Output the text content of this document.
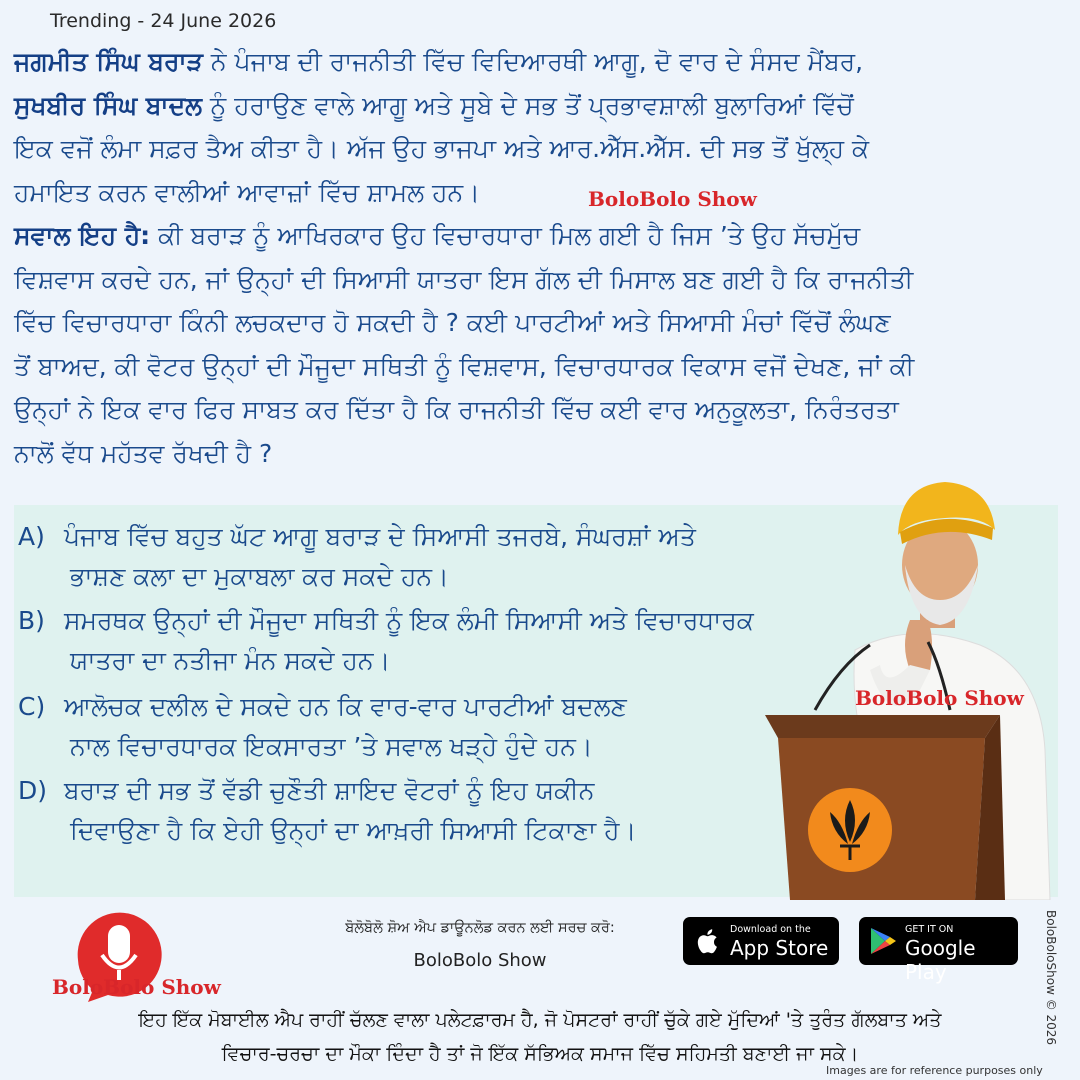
Trending - 24 June 2026
ਜਗਮੀਤ ਸਿੰਘ ਬਰਾੜ ਨੇ ਪੰਜਾਬ ਦੀ ਰਾਜਨੀਤੀ ਵਿੱਚ ਵਿਦਿਆਰਥੀ ਆਗੂ, ਦੋ ਵਾਰ ਦੇ ਸੰਸਦ ਮੈਂਬਰ,
ਸੁਖਬੀਰ ਸਿੰਘ ਬਾਦਲ ਨੂੰ ਹਰਾਉਣ ਵਾਲੇ ਆਗੂ ਅਤੇ ਸੂਬੇ ਦੇ ਸਭ ਤੋਂ ਪ੍ਰਭਾਵਸ਼ਾਲੀ ਬੁਲਾਰਿਆਂ ਵਿੱਚੋਂ
ਇਕ ਵਜੋਂ ਲੰਮਾ ਸਫ਼ਰ ਤੈਅ ਕੀਤਾ ਹੈ। ਅੱਜ ਉਹ ਭਾਜਪਾ ਅਤੇ ਆਰ.ਐੱਸ.ਐੱਸ. ਦੀ ਸਭ ਤੋਂ ਖੁੱਲ੍ਹ ਕੇ
ਹਮਾਇਤ ਕਰਨ ਵਾਲੀਆਂ ਆਵਾਜ਼ਾਂ ਵਿੱਚ ਸ਼ਾਮਲ ਹਨ।
ਸਵਾਲ ਇਹ ਹੈ: ਕੀ ਬਰਾੜ ਨੂੰ ਆਖਿਰਕਾਰ ਉਹ ਵਿਚਾਰਧਾਰਾ ਮਿਲ ਗਈ ਹੈ ਜਿਸ ’ਤੇ ਉਹ ਸੱਚਮੁੱਚ
ਵਿਸ਼ਵਾਸ ਕਰਦੇ ਹਨ, ਜਾਂ ਉਨ੍ਹਾਂ ਦੀ ਸਿਆਸੀ ਯਾਤਰਾ ਇਸ ਗੱਲ ਦੀ ਮਿਸਾਲ ਬਣ ਗਈ ਹੈ ਕਿ ਰਾਜਨੀਤੀ
ਵਿੱਚ ਵਿਚਾਰਧਾਰਾ ਕਿੰਨੀ ਲਚਕਦਾਰ ਹੋ ਸਕਦੀ ਹੈ ? ਕਈ ਪਾਰਟੀਆਂ ਅਤੇ ਸਿਆਸੀ ਮੰਚਾਂ ਵਿੱਚੋਂ ਲੰਘਣ
ਤੋਂ ਬਾਅਦ, ਕੀ ਵੋਟਰ ਉਨ੍ਹਾਂ ਦੀ ਮੌਜੂਦਾ ਸਥਿਤੀ ਨੂੰ ਵਿਸ਼ਵਾਸ, ਵਿਚਾਰਧਾਰਕ ਵਿਕਾਸ ਵਜੋਂ ਦੇਖਣ, ਜਾਂ ਕੀ
ਉਨ੍ਹਾਂ ਨੇ ਇਕ ਵਾਰ ਫਿਰ ਸਾਬਤ ਕਰ ਦਿੱਤਾ ਹੈ ਕਿ ਰਾਜਨੀਤੀ ਵਿੱਚ ਕਈ ਵਾਰ ਅਨੁਕੂਲਤਾ, ਨਿਰੰਤਰਤਾ
ਨਾਲੋਂ ਵੱਧ ਮਹੱਤਵ ਰੱਖਦੀ ਹੈ ?
BoloBolo Show
A) ਪੰਜਾਬ ਵਿੱਚ ਬਹੁਤ ਘੱਟ ਆਗੂ ਬਰਾੜ ਦੇ ਸਿਆਸੀ ਤਜਰਬੇ, ਸੰਘਰਸ਼ਾਂ ਅਤੇ
ਭਾਸ਼ਣ ਕਲਾ ਦਾ ਮੁਕਾਬਲਾ ਕਰ ਸਕਦੇ ਹਨ।
B) ਸਮਰਥਕ ਉਨ੍ਹਾਂ ਦੀ ਮੌਜੂਦਾ ਸਥਿਤੀ ਨੂੰ ਇਕ ਲੰਮੀ ਸਿਆਸੀ ਅਤੇ ਵਿਚਾਰਧਾਰਕ
ਯਾਤਰਾ ਦਾ ਨਤੀਜਾ ਮੰਨ ਸਕਦੇ ਹਨ।
C) ਆਲੋਚਕ ਦਲੀਲ ਦੇ ਸਕਦੇ ਹਨ ਕਿ ਵਾਰ-ਵਾਰ ਪਾਰਟੀਆਂ ਬਦਲਣ
ਨਾਲ ਵਿਚਾਰਧਾਰਕ ਇਕਸਾਰਤਾ ’ਤੇ ਸਵਾਲ ਖੜ੍ਹੇ ਹੁੰਦੇ ਹਨ।
D) ਬਰਾੜ ਦੀ ਸਭ ਤੋਂ ਵੱਡੀ ਚੁਣੌਤੀ ਸ਼ਾਇਦ ਵੋਟਰਾਂ ਨੂੰ ਇਹ ਯਕੀਨ
ਦਿਵਾਉਣਾ ਹੈ ਕਿ ਏਹੀ ਉਨ੍ਹਾਂ ਦਾ ਆਖ਼ਰੀ ਸਿਆਸੀ ਟਿਕਾਣਾ ਹੈ।
BoloBolo Show
BoloBolo Show
ਬੋਲੋਬੋਲੋ ਸ਼ੋਅ ਐਪ ਡਾਊਨਲੋਡ ਕਰਨ ਲਈ ਸਰਚ ਕਰੋ:
BoloBolo Show
Download on the
App Store
GET IT ON
Google Play
ਇਹ ਇੱਕ ਮੋਬਾਈਲ ਐਪ ਰਾਹੀਂ ਚੱਲਣ ਵਾਲਾ ਪਲੇਟਫ਼ਾਰਮ ਹੈ, ਜੋ ਪੋਸਟਰਾਂ ਰਾਹੀਂ ਚੁੱਕੇ ਗਏ ਮੁੱਦਿਆਂ 'ਤੇ ਤੁਰੰਤ ਗੱਲਬਾਤ ਅਤੇ
ਵਿਚਾਰ-ਚਰਚਾ ਦਾ ਮੌਕਾ ਦਿੰਦਾ ਹੈ ਤਾਂ ਜੋ ਇੱਕ ਸੱਭਿਅਕ ਸਮਾਜ ਵਿੱਚ ਸਹਿਮਤੀ ਬਣਾਈ ਜਾ ਸਕੇ।
Images are for reference purposes only
BoloBoloShow © 2026
